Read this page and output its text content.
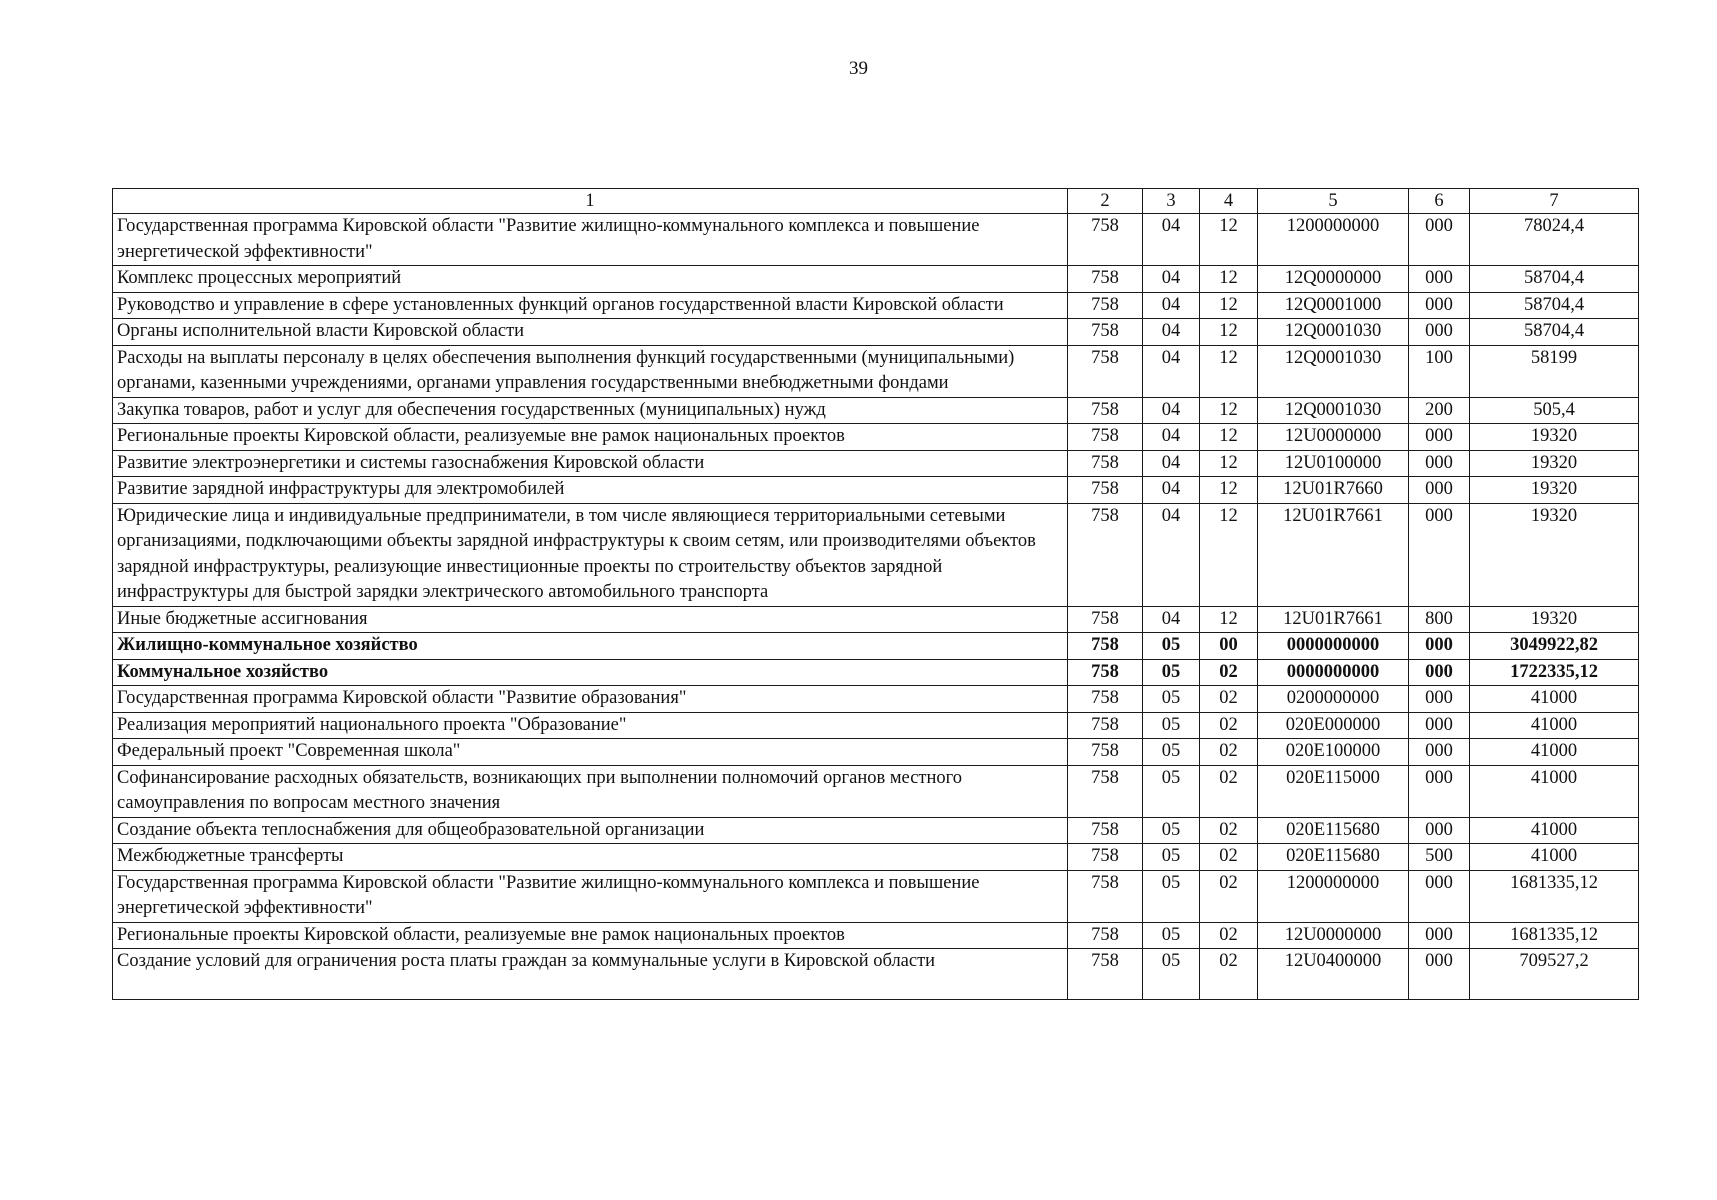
39
1	2	3	4	5	6	7
Государственная программа Кировской области "Развитие жилищно-коммунального комплекса и повышение энергетической эффективности"	758	04	12	1200000000	000	78024,4
Комплекс процессных мероприятий	758	04	12	12Q0000000	000	58704,4
Руководство и управление в сфере установленных функций органов государственной власти Кировской области	758	04	12	12Q0001000	000	58704,4
Органы исполнительной власти Кировской области	758	04	12	12Q0001030	000	58704,4
Расходы на выплаты персоналу в целях обеспечения выполнения функций государственными (муниципальными) органами, казенными учреждениями, органами управления государственными внебюджетными фондами	758	04	12	12Q0001030	100	58199
Закупка товаров, работ и услуг для обеспечения государственных (муниципальных) нужд	758	04	12	12Q0001030	200	505,4
Региональные проекты Кировской области, реализуемые вне рамок национальных проектов	758	04	12	12U0000000	000	19320
Развитие электроэнергетики и системы газоснабжения Кировской области	758	04	12	12U0100000	000	19320
Развитие зарядной инфраструктуры для электромобилей	758	04	12	12U01R7660	000	19320
Юридические лица и индивидуальные предприниматели, в том числе являющиеся территориальными сетевыми организациями, подключающими объекты зарядной инфраструктуры к своим сетям, или производителями объектов зарядной инфраструктуры, реализующие инвестиционные проекты по строительству объектов зарядной инфраструктуры для быстрой зарядки электрического автомобильного транспорта	758	04	12	12U01R7661	000	19320
Иные бюджетные ассигнования	758	04	12	12U01R7661	800	19320
Жилищно-коммунальное хозяйство	758	05	00	0000000000	000	3049922,82
Коммунальное хозяйство	758	05	02	0000000000	000	1722335,12
Государственная программа Кировской области "Развитие образования"	758	05	02	0200000000	000	41000
Реализация мероприятий национального проекта "Образование"	758	05	02	020E000000	000	41000
Федеральный проект "Современная школа"	758	05	02	020E100000	000	41000
Софинансирование расходных обязательств, возникающих при выполнении полномочий органов местного самоуправления по вопросам местного значения	758	05	02	020E115000	000	41000
Создание объекта теплоснабжения для общеобразовательной организации	758	05	02	020E115680	000	41000
Межбюджетные трансферты	758	05	02	020E115680	500	41000
Государственная программа Кировской области "Развитие жилищно-коммунального комплекса и повышение энергетической эффективности"	758	05	02	1200000000	000	1681335,12
Региональные проекты Кировской области, реализуемые вне рамок национальных проектов	758	05	02	12U0000000	000	1681335,12
Создание условий для ограничения роста платы граждан за коммунальные услуги в Кировской области	758	05	02	12U0400000	000	709527,2
